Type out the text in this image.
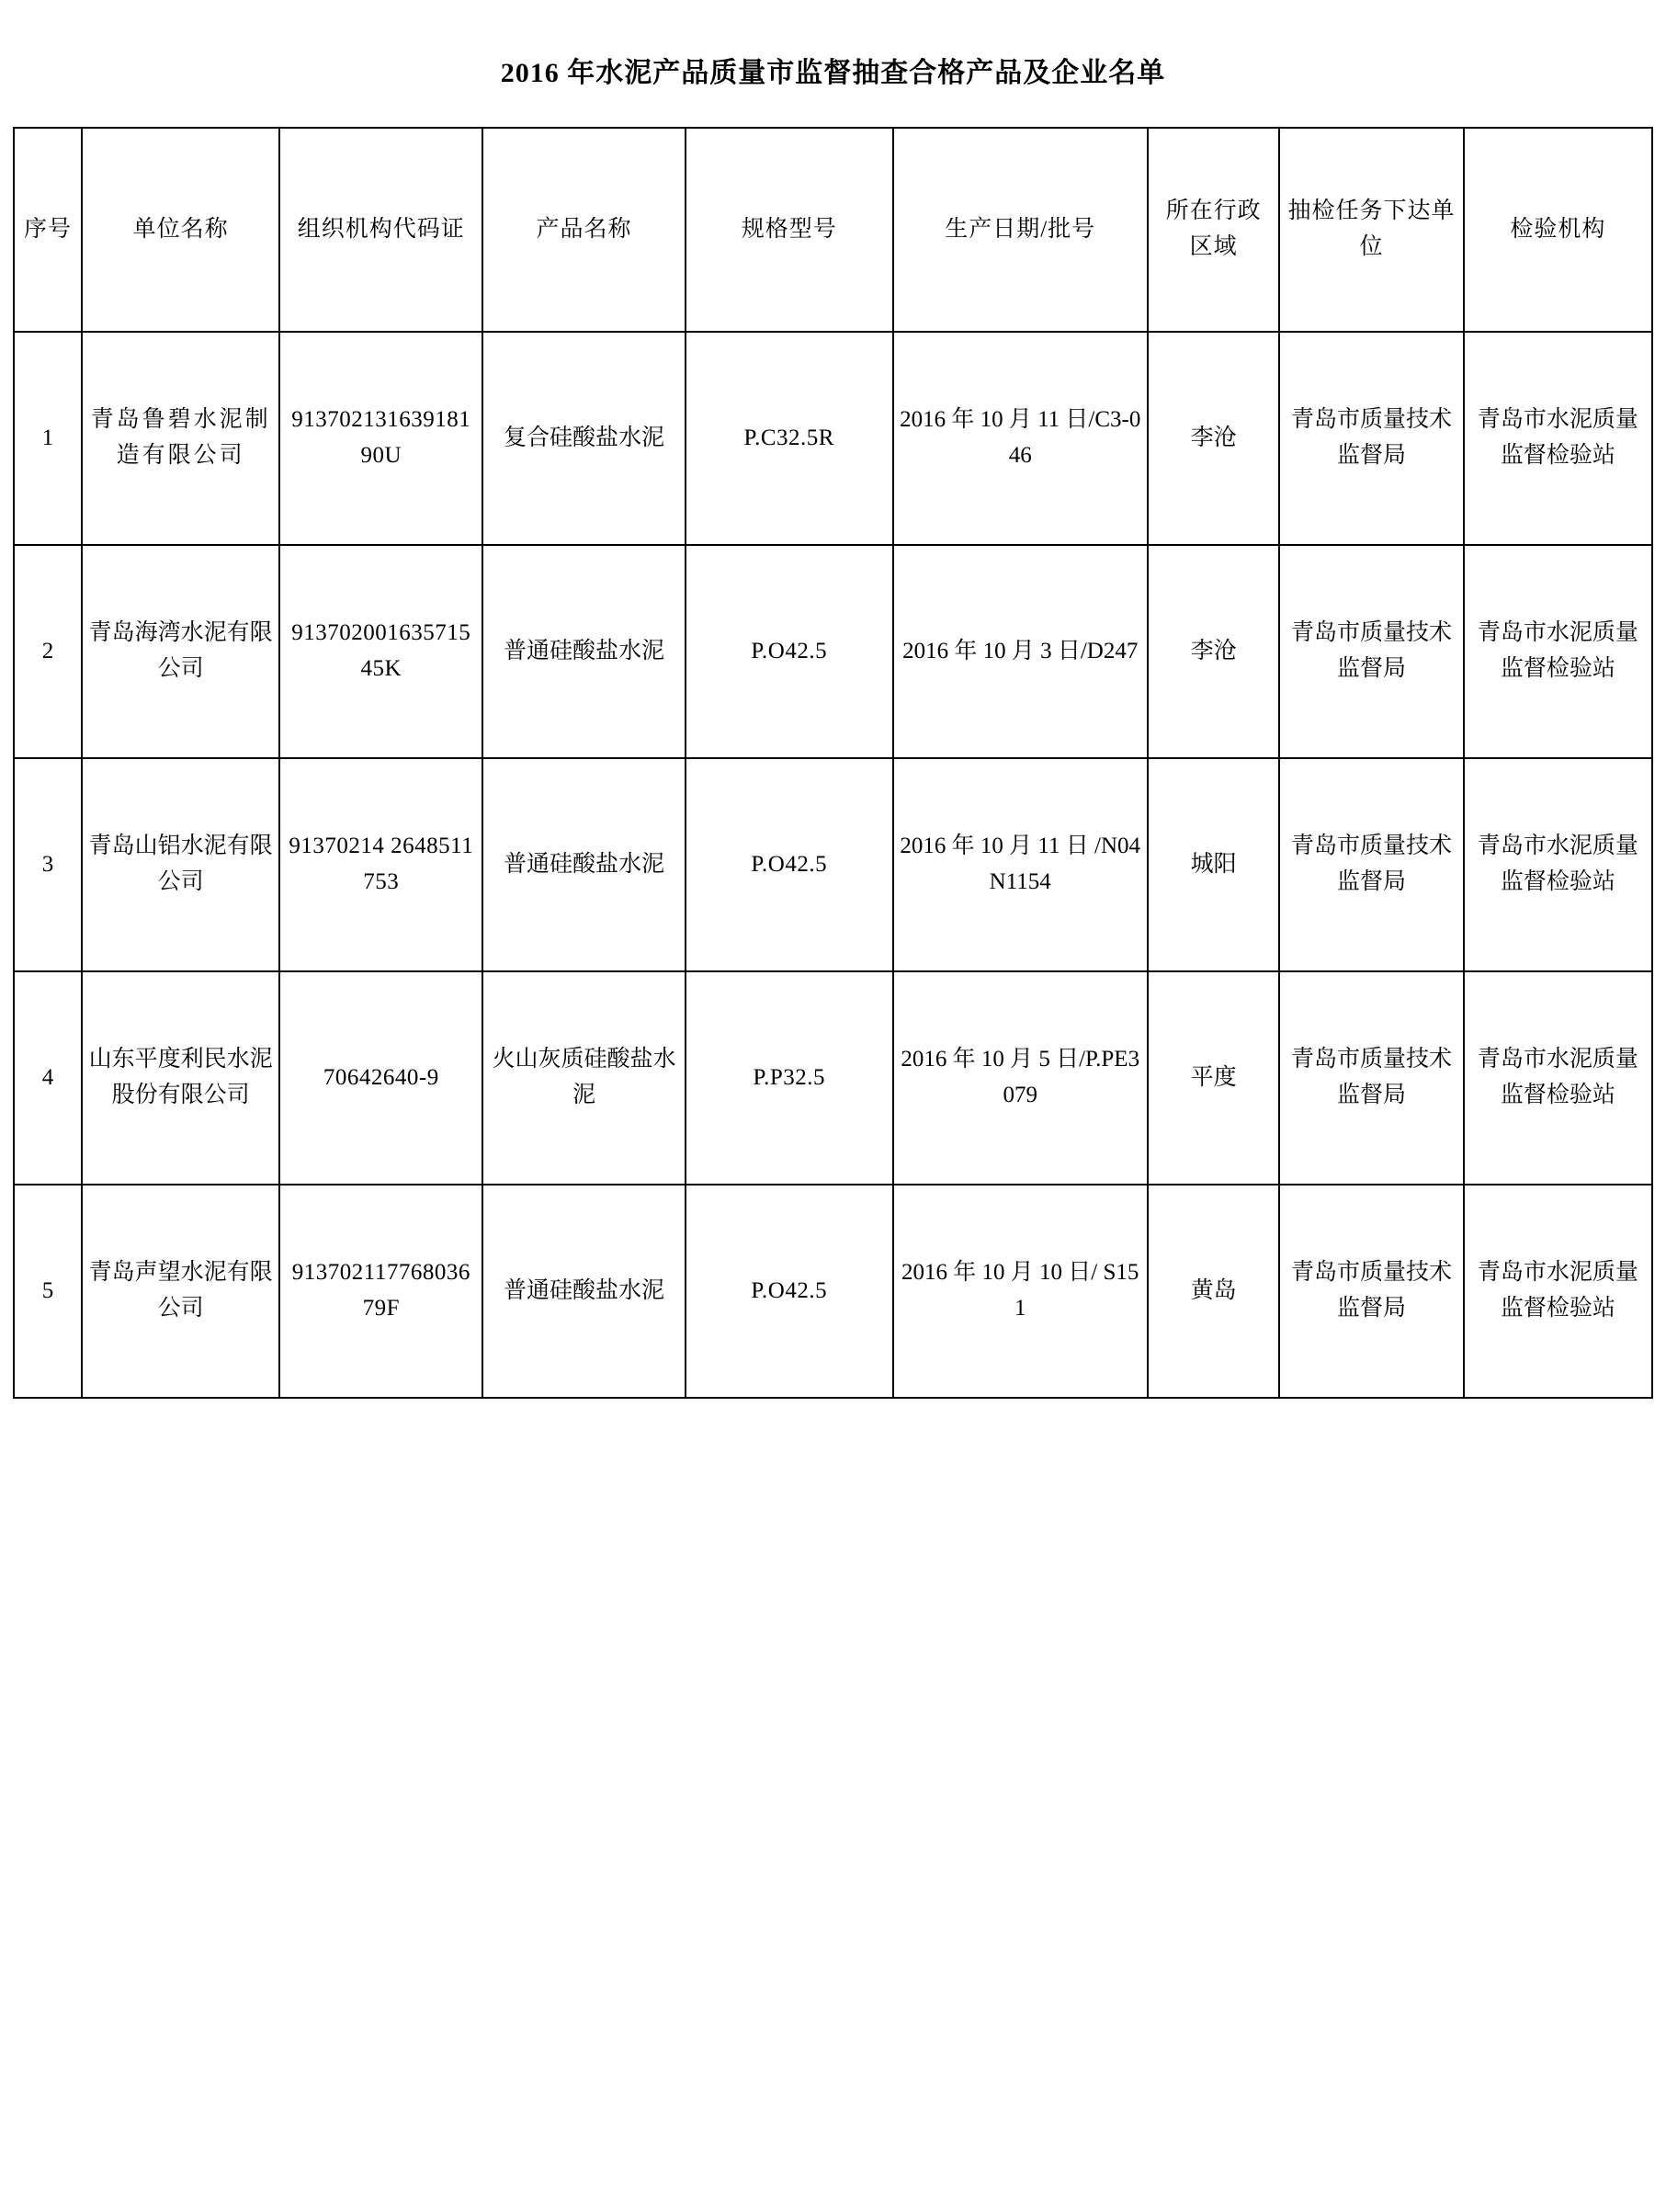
2016 年水泥产品质量市监督抽查合格产品及企业名单
序号	单位名称	组织机构代码证	产品名称	规格型号	生产日期/批号	所在行政区域	抽检任务下达单位	检验机构
1	青岛鲁碧水泥制造有限公司	91370213163918190U	复合硅酸盐水泥	P.C32.5R	2016 年 10 月 11 日/C3-046	李沧	青岛市质量技术监督局	青岛市水泥质量监督检验站
2	青岛海湾水泥有限公司	91370200163571545K	普通硅酸盐水泥	P.O42.5	2016 年 10 月 3 日/D247	李沧	青岛市质量技术监督局	青岛市水泥质量监督检验站
3	青岛山铝水泥有限公司	91370214 2648511753	普通硅酸盐水泥	P.O42.5	2016 年 10 月 11 日 /N04N1154	城阳	青岛市质量技术监督局	青岛市水泥质量监督检验站
4	山东平度利民水泥股份有限公司	70642640-9	火山灰质硅酸盐水泥	P.P32.5	2016 年 10 月 5 日/P.PE3079	平度	青岛市质量技术监督局	青岛市水泥质量监督检验站
5	青岛声望水泥有限公司	91370211776803679F	普通硅酸盐水泥	P.O42.5	2016 年 10 月 10 日/ S151	黄岛	青岛市质量技术监督局	青岛市水泥质量监督检验站
